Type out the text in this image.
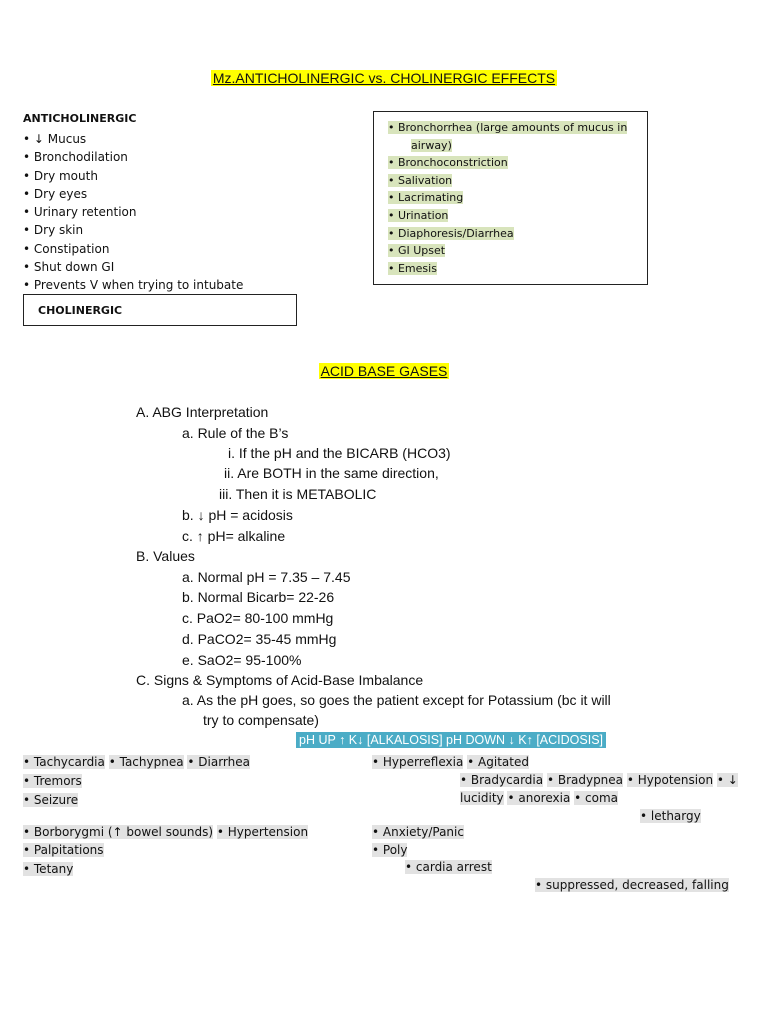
Mz.ANTICHOLINERGIC vs. CHOLINERGIC EFFECTS
ANTICHOLINERGIC
• ↓ Mucus
• Bronchodilation
• Dry mouth
• Dry eyes
• Urinary retention
• Dry skin
• Constipation
• Shut down GI
• Prevents V when trying to intubate
CHOLINERGIC
• Bronchorrhea (large amounts of mucus in
airway)
• Bronchoconstriction
• Salivation
• Lacrimating
• Urination
• Diaphoresis/Diarrhea
• GI Upset
• Emesis
ACID BASE GASES
A. ABG Interpretation
a. Rule of the B’s
i. If the pH and the BICARB (HCO3)
ii. Are BOTH in the same direction,
iii. Then it is METABOLIC
b. ↓ pH = acidosis
c. ↑ pH= alkaline
B. Values
a. Normal pH = 7.35 – 7.45
b. Normal Bicarb= 22-26
c. PaO2= 80-100 mmHg
d. PaCO2= 35-45 mmHg
e. SaO2= 95-100%
C. Signs & Symptoms of Acid-Base Imbalance
a. As the pH goes, so goes the patient except for Potassium (bc it will
try to compensate)
pH UP ↑ K↓ [ALKALOSIS] pH DOWN ↓ K↑ [ACIDOSIS]
• Tachycardia • Tachypnea • Diarrhea
• Tremors
• Seizure
• Borborygmi (↑ bowel sounds) • Hypertension
• Palpitations
• Tetany
• Hyperreflexia • Agitated
• Bradycardia • Bradypnea • Hypotension • ↓
lucidity • anorexia • coma
• lethargy
• Anxiety/Panic
• Poly
• cardia arrest
• suppressed, decreased, falling
